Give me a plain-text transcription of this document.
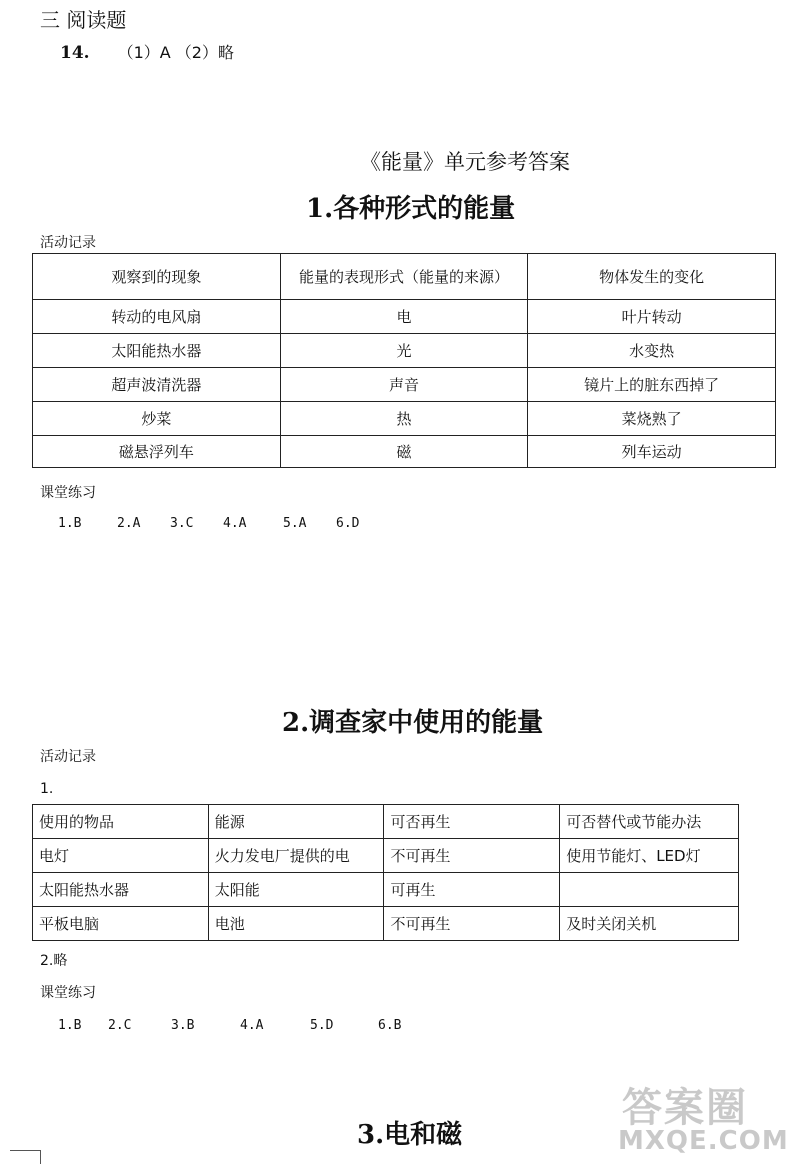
三 阅读题
14. （1）A （2）略
《能量》单元参考答案
1.各种形式的能量
活动记录
观察到的现象	能量的表现形式（能量的来源）	物体发生的变化
转动的电风扇	电	叶片转动
太阳能热水器	光	水变热
超声波清洗器	声音	镜片上的脏东西掉了
炒菜	热	菜烧熟了
磁悬浮列车	磁	列车运动
课堂练习
1.B	2.A 3.C 4.A	5.A 6.D
2.调查家中使用的能量
活动记录
1.
使用的物品	能源	可否再生	可否替代或节能办法
电灯	火力发电厂提供的电	不可再生	使用节能灯、LED灯
太阳能热水器	太阳能	可再生	
平板电脑	电池	不可再生	及时关闭关机
2.略
课堂练习
1.B 2.C	3.B	4.A	5.D	6.B
3.电和磁
答案圈
MXQE.COM
